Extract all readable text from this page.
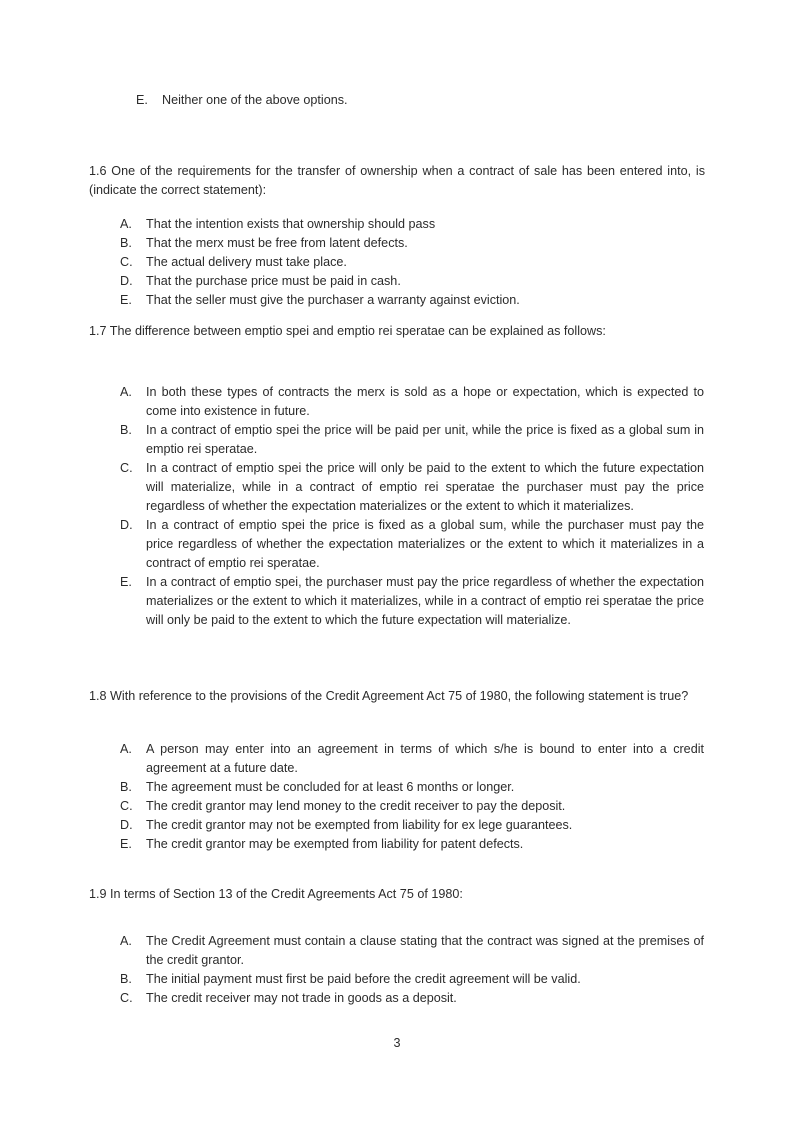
E.	Neither one of the above options.

1.6 One of the requirements for the transfer of ownership when a contract of sale has been entered into, is (indicate the correct statement):

A.	That the intention exists that ownership should pass
B.	That the merx must be free from latent defects.
C.	The actual delivery must take place.
D.	That the purchase price must be paid in cash.
E.	That the seller must give the purchaser a warranty against eviction.

1.7 The difference between emptio spei and emptio rei speratae can be explained as follows:

A.	In both these types of contracts the merx is sold as a hope or expectation, which is expected to come into existence in future.
B.	In a contract of emptio spei the price will be paid per unit, while the price is fixed as a global sum in emptio rei speratae.
C.	In a contract of emptio spei the price will only be paid to the extent to which the future expectation will materialize, while in a contract of emptio rei speratae the purchaser must pay the price regardless of whether the expectation materializes or the extent to which it materializes.
D.	In a contract of emptio spei the price is fixed as a global sum, while the purchaser must pay the price regardless of whether the expectation materializes or the extent to which it materializes in a contract of emptio rei speratae.
E.	In a contract of emptio spei, the purchaser must pay the price regardless of whether the expectation materializes or the extent to which it materializes, while in a contract of emptio rei speratae the price will only be paid to the extent to which the future expectation will materialize.

1.8 With reference to the provisions of the Credit Agreement Act 75 of 1980, the following statement is true?

A.	A person may enter into an agreement in terms of which s/he is bound to enter into a credit agreement at a future date.
B.	The agreement must be concluded for at least 6 months or longer.
C.	The credit grantor may lend money to the credit receiver to pay the deposit.
D.	The credit grantor may not be exempted from liability for ex lege guarantees.
E.	The credit grantor may be exempted from liability for patent defects.

1.9 In terms of Section 13 of the Credit Agreements Act 75 of 1980:

A.	The Credit Agreement must contain a clause stating that the contract was signed at the premises of the credit grantor.
B.	The initial payment must first be paid before the credit agreement will be valid.
C.	The credit receiver may not trade in goods as a deposit.
3
